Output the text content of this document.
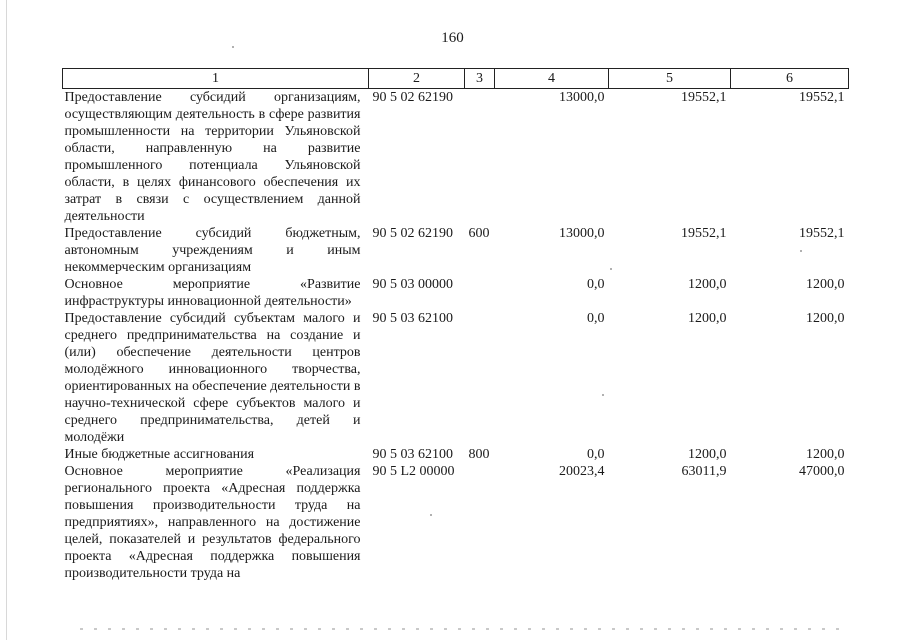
160
1	2	3	4	5	6
Предоставление субсидий организациям, осуществляющим деятельность в сфере развития промышленности на территории Ульяновской области, направленную на развитие промышленного потенциала Ульяновской области, в целях финансового обеспечения их затрат в связи с осуществлением данной деятельности	90 5 02 62190		13000,0	19552,1	19552,1
Предоставление субсидий бюджетным, автономным учреждениям и иным некоммерческим организациям	90 5 02 62190	600	13000,0	19552,1	19552,1
Основное мероприятие «Развитие инфраструктуры инновационной деятельности»	90 5 03 00000		0,0	1200,0	1200,0
Предоставление субсидий субъектам малого и среднего предпринимательства на создание и (или) обеспечение деятельности центров молодёжного инновационного творчества, ориентированных на обеспечение деятельности в научно-технической сфере субъектов малого и среднего предпринимательства, детей и молодёжи	90 5 03 62100		0,0	1200,0	1200,0
Иные бюджетные ассигнования	90 5 03 62100	800	0,0	1200,0	1200,0
Основное мероприятие «Реализация регионального проекта «Адресная поддержка повышения производительности труда на предприятиях», направленного на достижение целей, показателей и результатов федерального проекта «Адресная поддержка повышения производительности труда на	90 5 L2 00000		20023,4	63011,9	47000,0
